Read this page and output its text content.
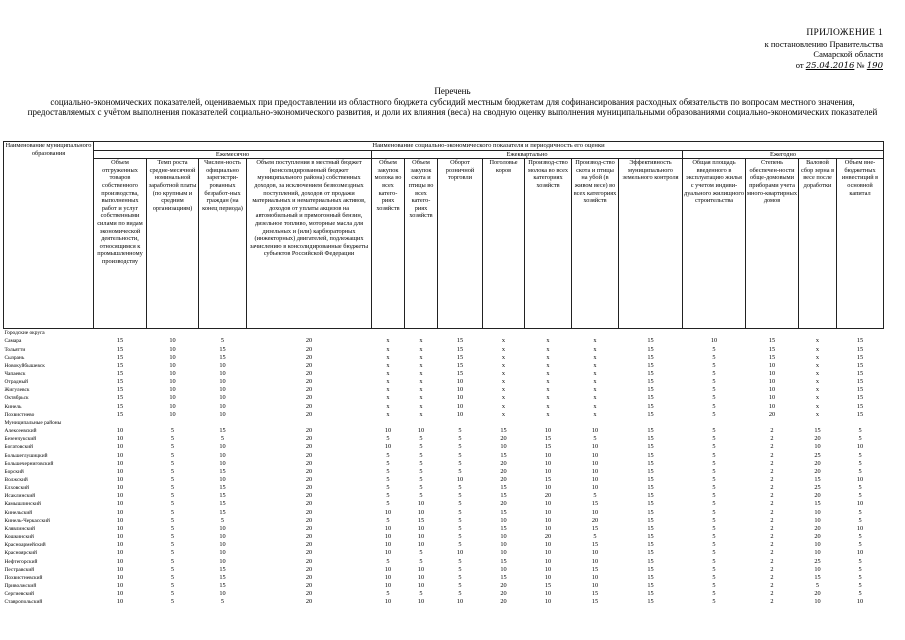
ПРИЛОЖЕНИЕ 1
к постановлению Правительства
Самарской области
от 25.04.2016 № 190
Перечень
социально-экономических показателей, оцениваемых при предоставлении из областного бюджета субсидий местным бюджетам для софинансирования расходных обязательств по вопросам местного значения, предоставляемых с учётом выполнения показателей социально-экономического развития, и доли их влияния (веса) на сводную оценку выполнения муниципальными образованиями социально-экономических показателей
Наименование муниципального образования	Наименование социально-экономического показателя и периодичность его оценки														
	Ежемесячно				Ежеквартально							Ежегодно			
	Объем отгруженных товаров собственного производства, выполненных работ и услуг собственными силами по видам экономической деятельности, относящимся к промышленному производству	Темп роста средне-месячной номинальной заработной платы (по крупным и средним организациям)	Числен-ность официально зарегистри-рованных безработ-ных граждан (на конец периода)	Объем поступления в местный бюджет (консолидированный бюджет муниципального района) собственных доходов, за исключением безвозмездных поступлений, доходов от продажи материальных и нематериальных активов, доходов от уплаты акцизов на автомобильный и прямогонный бензин, дизельное топливо, моторные масла для дизельных и (или) карбюраторных (инжекторных) двигателей, подлежащих зачислению в консолидированные бюджеты субъектов Российской Федерации	Объем закупок молока во всех катего-риях хозяйств	Объем закупок скота и птицы во всех катего-риях хозяйств	Оборот розничной торговли	Поголовье коров	Производ-ство молока во всех категориях хозяйств	Производ-ство скота и птицы на убой (в живом весе) во всех категориях хозяйств	Эффективность муниципального земельного контроля	Общая площадь введенного в эксплуатацию жилья с учетом индиви-дуального жилищного строительства	Степень обеспечен-ности обще-домовыми приборами учета много-квартирных домов	Валовой сбор зерна в весе после доработки	Объем вне-бюджетных инвестиций в основной капитал
Городские округа															
Самара	15	10	5	20	x	x	15	x	x	x	15	10	15	x	15
Тольятти	15	10	15	20	x	x	15	x	x	x	15	5	15	x	15
Сызрань	15	10	15	20	x	x	15	x	x	x	15	5	15	x	15
Новокуйбышевск	15	10	10	20	x	x	15	x	x	x	15	5	10	x	15
Чапаевск	15	10	10	20	x	x	15	x	x	x	15	5	10	x	15
Отрадный	15	10	10	20	x	x	10	x	x	x	15	5	10	x	15
Жигулевск	15	10	10	20	x	x	10	x	x	x	15	5	10	x	15
Октябрьск	15	10	10	20	x	x	10	x	x	x	15	5	10	x	15
Кинель	15	10	10	20	x	x	10	x	x	x	15	5	10	x	15
Похвистнево	15	10	10	20	x	x	10	x	x	x	15	5	20	x	15
Муниципальные районы															
Алексеевский	10	5	15	20	10	10	5	15	10	10	15	5	2	15	5
Безенчукский	10	5	5	20	5	5	5	20	15	5	15	5	2	20	5
Богатовский	10	5	10	20	10	5	5	10	15	10	15	5	2	10	10
Большеглушицкий	10	5	10	20	5	5	5	15	10	10	15	5	2	25	5
Большечерниговский	10	5	10	20	5	5	5	20	10	10	15	5	2	20	5
Борский	10	5	15	20	5	5	5	20	10	10	15	5	2	20	5
Волжский	10	5	10	20	5	5	10	20	15	10	15	5	2	15	10
Елховский	10	5	15	20	5	5	5	15	10	10	15	5	2	25	5
Исаклинский	10	5	15	20	5	5	5	15	20	5	15	5	2	20	5
Камышлинский	10	5	15	20	5	10	5	20	10	15	15	5	2	15	10
Кинельский	10	5	15	20	10	10	5	15	10	10	15	5	2	10	5
Кинель-Черкасский	10	5	5	20	5	15	5	10	10	20	15	5	2	10	5
Клявлинский	10	5	10	20	10	10	5	15	10	15	15	5	2	20	10
Кошкинский	10	5	10	20	10	10	5	10	20	5	15	5	2	20	5
Красноармейский	10	5	10	20	10	10	5	10	10	15	15	5	2	10	5
Красноярский	10	5	10	20	10	5	10	10	10	10	15	5	2	10	10
Нефтегорский	10	5	10	20	5	5	5	15	10	10	15	5	2	25	5
Пестравский	10	5	15	20	10	10	5	10	10	15	15	5	2	10	5
Похвистневский	10	5	15	20	10	10	5	15	10	10	15	5	2	15	5
Приволжский	10	5	15	20	10	10	5	20	15	10	15	5	2	5	5
Сергиевский	10	5	10	20	5	5	5	20	10	15	15	5	2	20	5
Ставропольский	10	5	5	20	10	10	10	20	10	15	15	5	2	10	10
